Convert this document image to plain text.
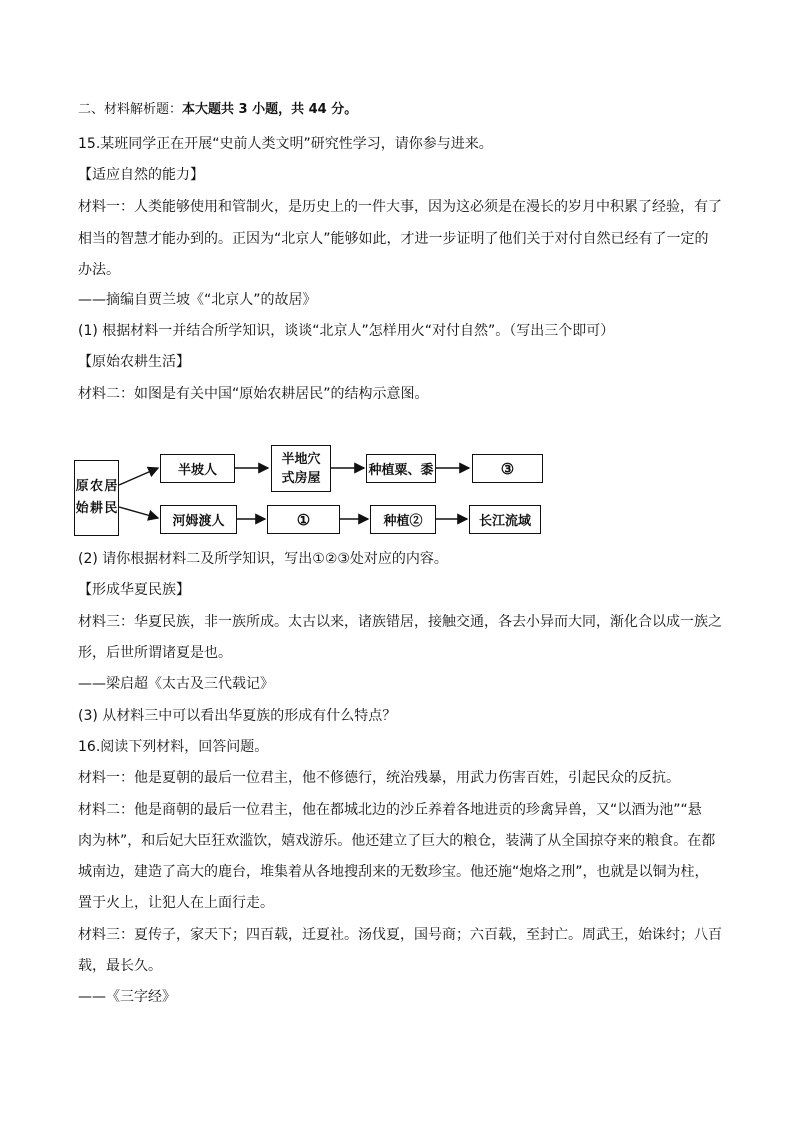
二、材料解析题：本大题共 3 小题，共 44 分。
15.某班同学正在开展“史前人类文明”研究性学习，请你参与进来。
【适应自然的能力】
材料一：人类能够使用和管制火，是历史上的一件大事，因为这必须是在漫长的岁月中积累了经验，有了
相当的智慧才能办到的。正因为“北京人”能够如此，才进一步证明了他们关于对付自然已经有了一定的
办法。
——摘编自贾兰坡《“北京人”的故居》
(1) 根据材料一并结合所学知识，谈谈“北京人”怎样用火“对付自然”。（写出三个即可）
【原始农耕生活】
材料二：如图是有关中国“原始农耕居民”的结构示意图。
原始
农耕
居民
半坡人
半地穴
式房屋	种植粟、黍	③
河姆渡人	①	种植②	长江流域
(2) 请你根据材料二及所学知识，写出①②③处对应的内容。
【形成华夏民族】
材料三：华夏民族，非一族所成。太古以来，诸族错居，接触交通，各去小异而大同，渐化合以成一族之
形，后世所谓诸夏是也。
——梁启超《太古及三代载记》
(3) 从材料三中可以看出华夏族的形成有什么特点？
16.阅读下列材料，回答问题。
材料一：他是夏朝的最后一位君主，他不修德行，统治残暴，用武力伤害百姓，引起民众的反抗。
材料二：他是商朝的最后一位君主，他在都城北边的沙丘养着各地进贡的珍禽异兽，又“以酒为池”“悬
肉为林”，和后妃大臣狂欢滥饮，嬉戏游乐。他还建立了巨大的粮仓，装满了从全国掠夺来的粮食。在都
城南边，建造了高大的鹿台，堆集着从各地搜刮来的无数珍宝。他还施“炮烙之刑”，也就是以铜为柱，
置于火上，让犯人在上面行走。
材料三：夏传子，家天下；四百载，迁夏社。汤伐夏，国号商；六百载，至封亡。周武王，始诛纣；八百
载，最长久。
——《三字经》
